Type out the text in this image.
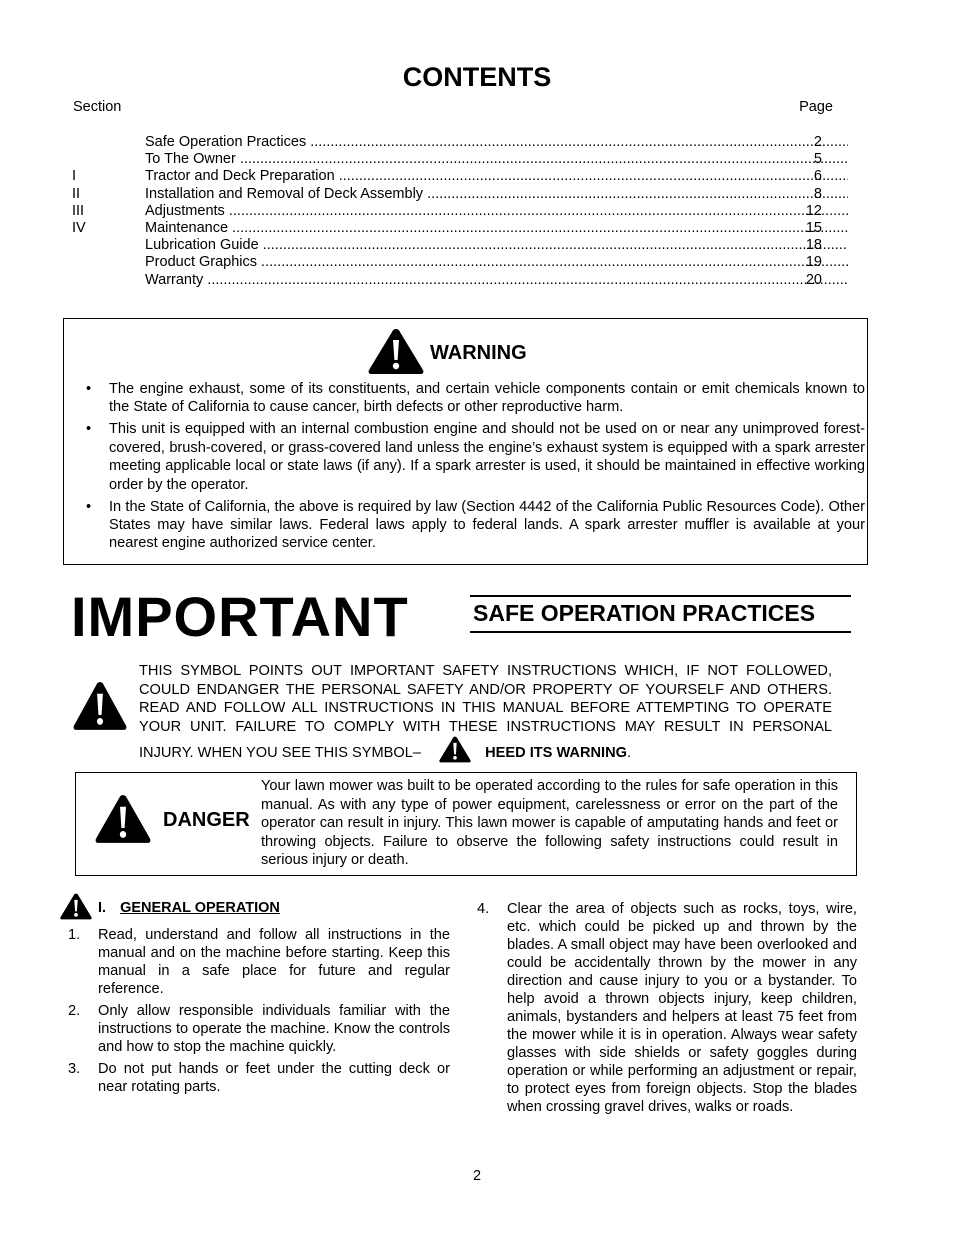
CONTENTS
Section	Page
Safe Operation Practices .....	2
To The Owner .....	5
I	Tractor and Deck Preparation .....	6
II	Installation and Removal of Deck Assembly .....	8
III	Adjustments .....	12
IV	Maintenance .....	15
Lubrication Guide .....	18
Product Graphics .....	19
Warranty .....	20
WARNING
• The engine exhaust, some of its constituents, and certain vehicle components contain or emit chemicals known to the State of California to cause cancer, birth defects or other reproductive harm.
• This unit is equipped with an internal combustion engine and should not be used on or near any unimproved forest-covered, brush-covered, or grass-covered land unless the engine’s exhaust system is equipped with a spark arrester meeting applicable local or state laws (if any). If a spark arrester is used, it should be maintained in effective working order by the operator.
• In the State of California, the above is required by law (Section 4442 of the California Public Resources Code). Other States may have similar laws. Federal laws apply to federal lands. A spark arrester muffler is available at your nearest engine authorized service center.
IMPORTANT	SAFE OPERATION PRACTICES
THIS SYMBOL POINTS OUT IMPORTANT SAFETY INSTRUCTIONS WHICH, IF NOT FOLLOWED, COULD ENDANGER THE PERSONAL SAFETY AND/OR PROPERTY OF YOURSELF AND OTHERS. READ AND FOLLOW ALL INSTRUCTIONS IN THIS MANUAL BEFORE ATTEMPTING TO OPERATE YOUR UNIT. FAILURE TO COMPLY WITH THESE INSTRUCTIONS MAY RESULT IN PERSONAL INJURY. WHEN YOU SEE THIS SYMBOL–	HEED ITS WARNING.
DANGER
Your lawn mower was built to be operated according to the rules for safe operation in this manual. As with any type of power equipment, carelessness or error on the part of the operator can result in injury. This lawn mower is capable of amputating hands and feet or throwing objects. Failure to observe the following safety instructions could result in serious injury or death.
I. GENERAL OPERATION
1. Read, understand and follow all instructions in the manual and on the machine before starting. Keep this manual in a safe place for future and regular reference.
2. Only allow responsible individuals familiar with the instructions to operate the machine. Know the controls and how to stop the machine quickly.
3. Do not put hands or feet under the cutting deck or near rotating parts.
4. Clear the area of objects such as rocks, toys, wire, etc. which could be picked up and thrown by the blades. A small object may have been overlooked and could be accidentally thrown by the mower in any direction and cause injury to you or a bystander. To help avoid a thrown objects injury, keep children, animals, bystanders and helpers at least 75 feet from the mower while it is in operation. Always wear safety glasses with side shields or safety goggles during operation or while performing an adjustment or repair, to protect eyes from foreign objects. Stop the blades when crossing gravel drives, walks or roads.
2
